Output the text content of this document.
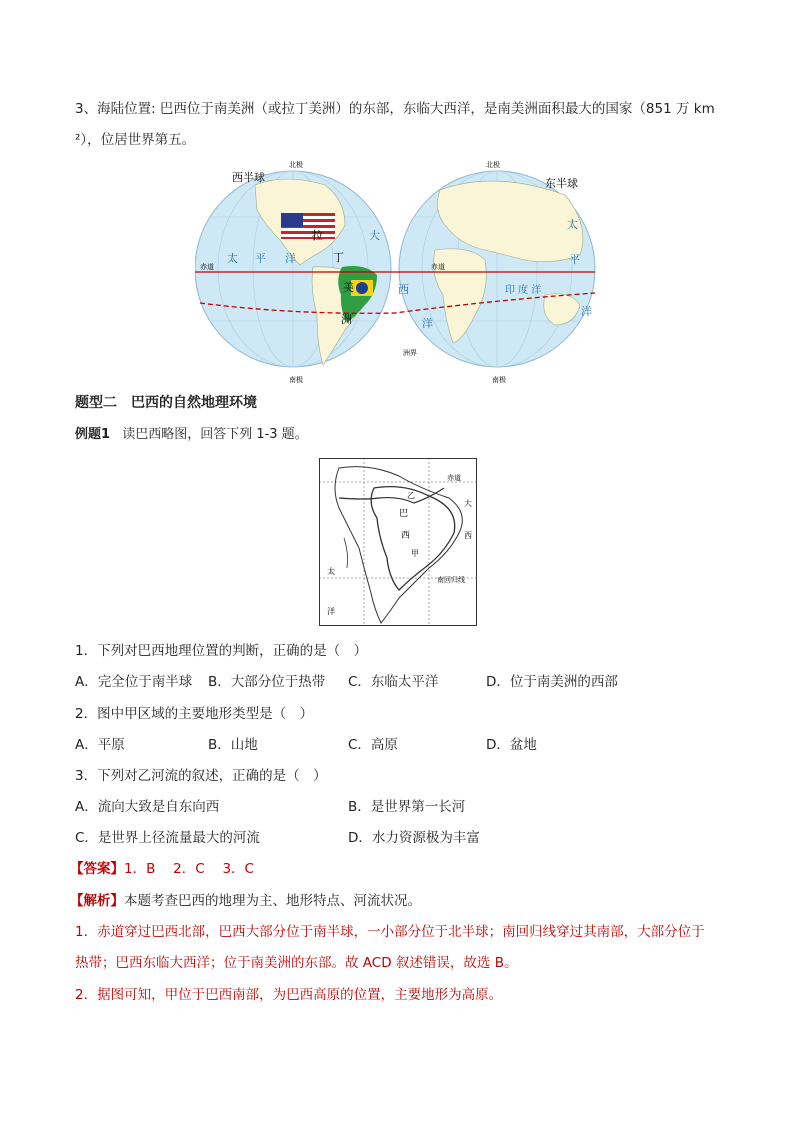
3、海陆位置: 巴西位于南美洲（或拉丁美洲）的东部，东临大西洋，是南美洲面积最大的国家（851 万 km
²），位居世界第五。
西半球	东半球
北极	北极
南极	南极
赤道	赤道
洲界
太 平 洋
大
西
洋
印 度 洋
太
平
洋
拉
丁
美
洲
题型二　巴西的自然地理环境
例题1 读巴西略图，回答下列 1-3 题。
赤道
巴
西
甲
南回归线
太
洋
大
西
乙
1．下列对巴西地理位置的判断，正确的是（　）
A．完全位于南半球 B．大部分位于热带 C．东临太平洋	D．位于南美洲的西部
2．图中甲区域的主要地形类型是（　）
A．平原	B．山地	C．高原	D．盆地
3．下列对乙河流的叙述，正确的是（　）
A．流向大致是自东向西	B．是世界第一长河
C．是世界上径流量最大的河流	D．水力资源极为丰富
【答案】1．B　 2．C　 3．C
【解析】本题考查巴西的地理为主、地形特点、河流状况。
1．赤道穿过巴西北部，巴西大部分位于南半球，一小部分位于北半球；南回归线穿过其南部，大部分位于
热带；巴西东临大西洋；位于南美洲的东部。故 ACD 叙述错误，故选 B。
2．据图可知，甲位于巴西南部，为巴西高原的位置，主要地形为高原。
